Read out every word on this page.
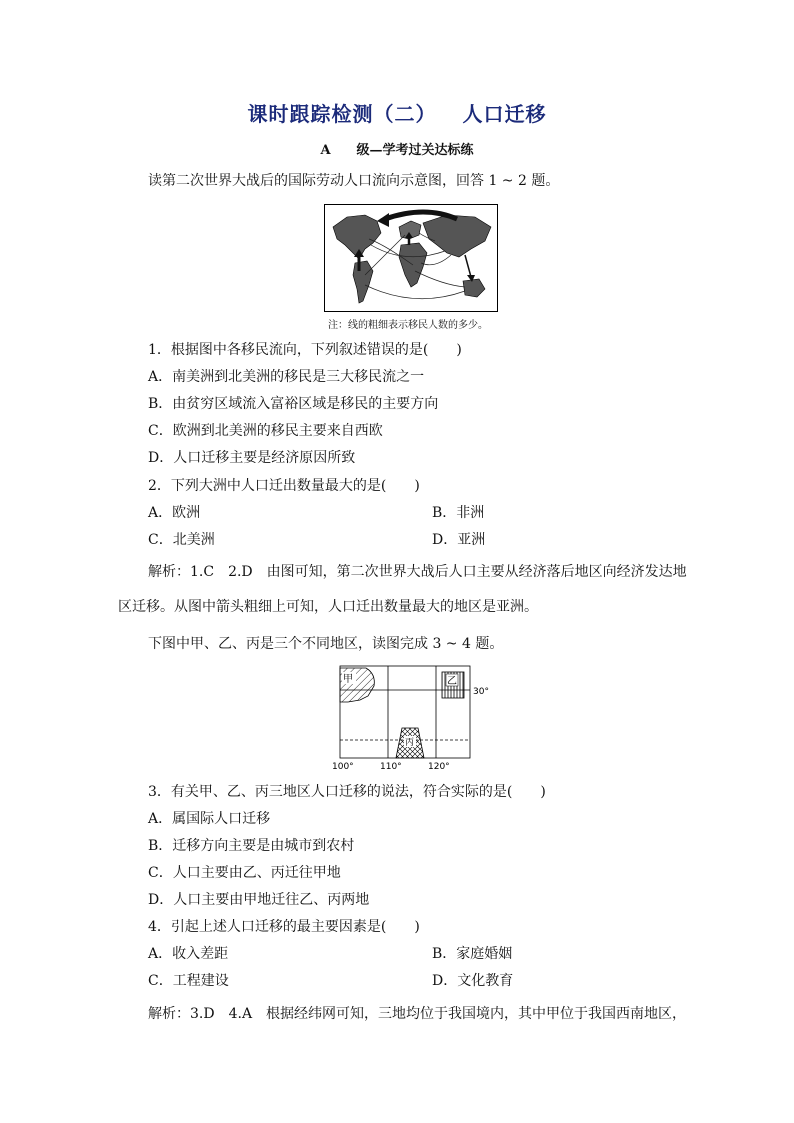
课时跟踪检测（二） 人口迁移
A 级—学考过关达标练
读第二次世界大战后的国际劳动人口流向示意图，回答 1 ~ 2 题。
注：线的粗细表示移民人数的多少。
1．根据图中各移民流向，下列叙述错误的是(　　)
A．南美洲到北美洲的移民是三大移民流之一
B．由贫穷区域流入富裕区域是移民的主要方向
C．欧洲到北美洲的移民主要来自西欧
D．人口迁移主要是经济原因所致
2．下列大洲中人口迁出数量最大的是(　　)
A．欧洲	B．非洲
C．北美洲	D．亚洲
解析：1.C　2.D　由图可知，第二次世界大战后人口主要从经济落后地区向经济发达地
区迁移。从图中箭头粗细上可知，人口迁出数量最大的地区是亚洲。
下图中甲、乙、丙是三个不同地区，读图完成 3 ~ 4 题。
甲	乙
丙
30°
100°	110°	120°
3．有关甲、乙、丙三地区人口迁移的说法，符合实际的是(　　)
A．属国际人口迁移
B．迁移方向主要是由城市到农村
C．人口主要由乙、丙迁往甲地
D．人口主要由甲地迁往乙、丙两地
4．引起上述人口迁移的最主要因素是(　　)
A．收入差距	B．家庭婚姻
C．工程建设	D．文化教育
解析：3.D　4.A　根据经纬网可知，三地均位于我国境内，其中甲位于我国西南地区，
